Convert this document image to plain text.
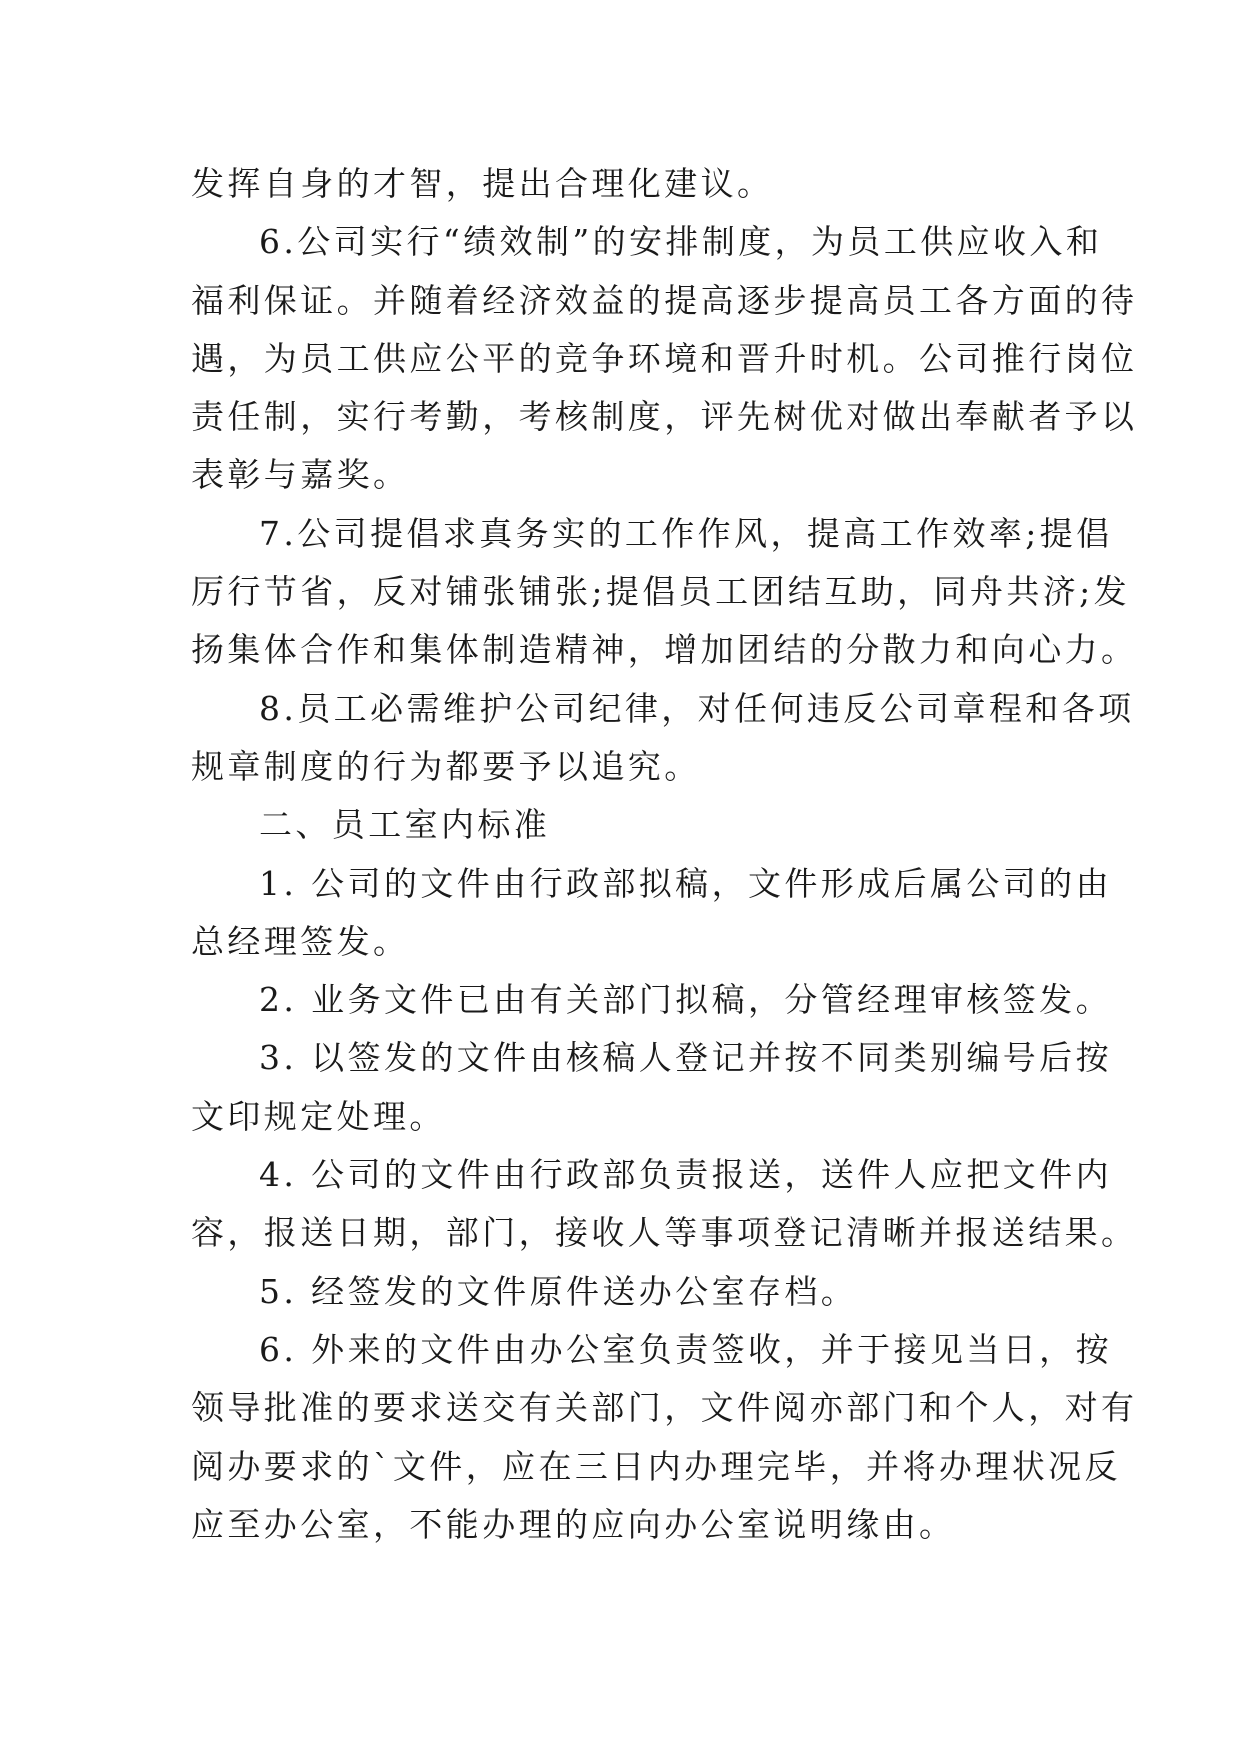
发挥自身的才智，提出合理化建议。

6.公司实行“绩效制”的安排制度，为员工供应收入和
福利保证。并随着经济效益的提高逐步提高员工各方面的待
遇，为员工供应公平的竞争环境和晋升时机。公司推行岗位
责任制，实行考勤，考核制度，评先树优对做出奉献者予以
表彰与嘉奖。

7.公司提倡求真务实的工作作风，提高工作效率;提倡
厉行节省，反对铺张铺张;提倡员工团结互助，同舟共济;发
扬集体合作和集体制造精神，增加团结的分散力和向心力。

8.员工必需维护公司纪律，对任何违反公司章程和各项
规章制度的行为都要予以追究。

二、员工室内标准

1. 公司的文件由行政部拟稿，文件形成后属公司的由
总经理签发。

2. 业务文件已由有关部门拟稿，分管经理审核签发。

3. 以签发的文件由核稿人登记并按不同类别编号后按
文印规定处理。

4. 公司的文件由行政部负责报送，送件人应把文件内
容，报送日期，部门，接收人等事项登记清晰并报送结果。

5. 经签发的文件原件送办公室存档。

6. 外来的文件由办公室负责签收，并于接见当日，按
领导批准的要求送交有关部门，文件阅亦部门和个人，对有
阅办要求的`文件，应在三日内办理完毕，并将办理状况反
应至办公室，不能办理的应向办公室说明缘由。
